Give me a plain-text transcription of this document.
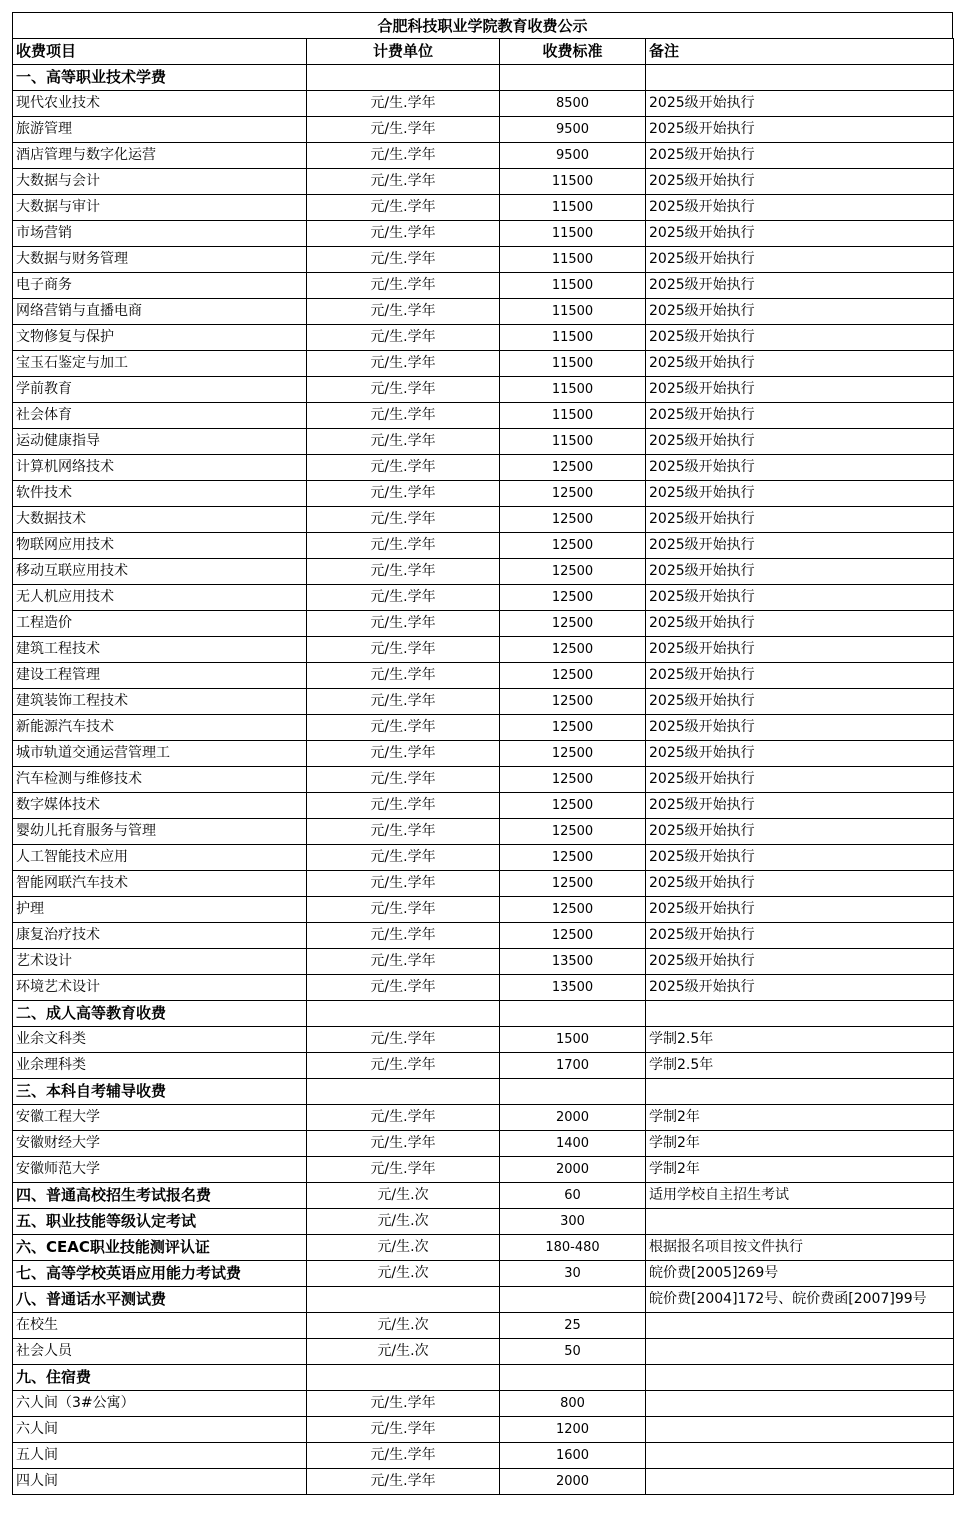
合肥科技职业学院教育收费公示
收费项目	计费单位	收费标准	备注
一、高等职业技术学费			
现代农业技术	元/生.学年	8500	2025级开始执行
旅游管理	元/生.学年	9500	2025级开始执行
酒店管理与数字化运营	元/生.学年	9500	2025级开始执行
大数据与会计	元/生.学年	11500	2025级开始执行
大数据与审计	元/生.学年	11500	2025级开始执行
市场营销	元/生.学年	11500	2025级开始执行
大数据与财务管理	元/生.学年	11500	2025级开始执行
电子商务	元/生.学年	11500	2025级开始执行
网络营销与直播电商	元/生.学年	11500	2025级开始执行
文物修复与保护	元/生.学年	11500	2025级开始执行
宝玉石鉴定与加工	元/生.学年	11500	2025级开始执行
学前教育	元/生.学年	11500	2025级开始执行
社会体育	元/生.学年	11500	2025级开始执行
运动健康指导	元/生.学年	11500	2025级开始执行
计算机网络技术	元/生.学年	12500	2025级开始执行
软件技术	元/生.学年	12500	2025级开始执行
大数据技术	元/生.学年	12500	2025级开始执行
物联网应用技术	元/生.学年	12500	2025级开始执行
移动互联应用技术	元/生.学年	12500	2025级开始执行
无人机应用技术	元/生.学年	12500	2025级开始执行
工程造价	元/生.学年	12500	2025级开始执行
建筑工程技术	元/生.学年	12500	2025级开始执行
建设工程管理	元/生.学年	12500	2025级开始执行
建筑装饰工程技术	元/生.学年	12500	2025级开始执行
新能源汽车技术	元/生.学年	12500	2025级开始执行
城市轨道交通运营管理工	元/生.学年	12500	2025级开始执行
汽车检测与维修技术	元/生.学年	12500	2025级开始执行
数字媒体技术	元/生.学年	12500	2025级开始执行
婴幼儿托育服务与管理	元/生.学年	12500	2025级开始执行
人工智能技术应用	元/生.学年	12500	2025级开始执行
智能网联汽车技术	元/生.学年	12500	2025级开始执行
护理	元/生.学年	12500	2025级开始执行
康复治疗技术	元/生.学年	12500	2025级开始执行
艺术设计	元/生.学年	13500	2025级开始执行
环境艺术设计	元/生.学年	13500	2025级开始执行
二、成人高等教育收费			
业余文科类	元/生.学年	1500	学制2.5年
业余理科类	元/生.学年	1700	学制2.5年
三、本科自考辅导收费			
安徽工程大学	元/生.学年	2000	学制2年
安徽财经大学	元/生.学年	1400	学制2年
安徽师范大学	元/生.学年	2000	学制2年
四、普通高校招生考试报名费	元/生.次	60	适用学校自主招生考试
五、职业技能等级认定考试	元/生.次	300	
六、CEAC职业技能测评认证	元/生.次	180-480	根据报名项目按文件执行
七、高等学校英语应用能力考试费	元/生.次	30	皖价费[2005]269号
八、普通话水平测试费			皖价费[2004]172号、皖价费函[2007]99号
在校生	元/生.次	25	
社会人员	元/生.次	50	
九、住宿费			
六人间（3#公寓）	元/生.学年	800	
六人间	元/生.学年	1200	
五人间	元/生.学年	1600	
四人间	元/生.学年	2000	
